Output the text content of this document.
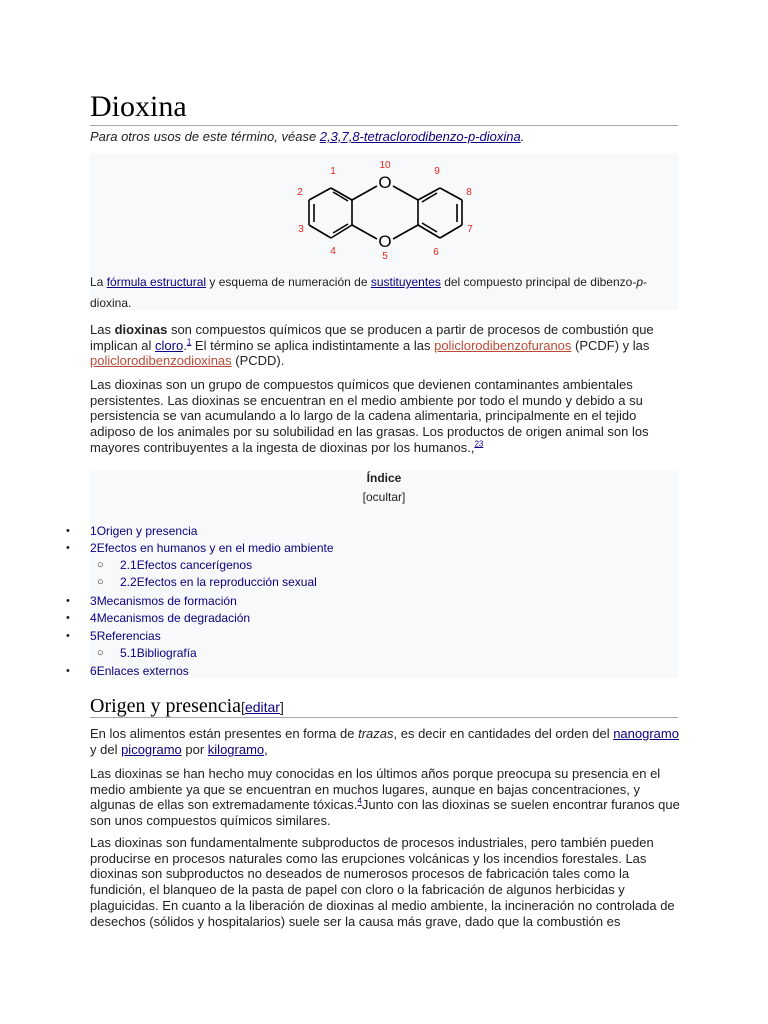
Dioxina
Para otros usos de este término, véase 2,3,7,8-tetraclorodibenzo-p-dioxina.
O
O
1
2
3
4	5	6
7
8
9
10
La fórmula estructural y esquema de numeración de sustituyentes del compuesto principal de dibenzo-p-dioxina.

Las dioxinas son compuestos químicos que se producen a partir de procesos de combustión que implican al cloro.$^1$ El término se aplica indistintamente a las policlorodibenzofuranos (PCDF) y las policlorodibenzodioxinas (PCDD).

Las dioxinas son un grupo de compuestos químicos que devienen contaminantes ambientales persistentes. Las dioxinas se encuentran en el medio ambiente por todo el mundo y debido a su persistencia se van acumulando a lo largo de la cadena alimentaria, principalmente en el tejido adiposo de los animales por su solubilidad en las grasas. Los productos de origen animal son los mayores contribuyentes a la ingesta de dioxinas por los humanos.,$^{23}$

Índice
[ocultar]
• 1Origen y presencia
• 2Efectos en humanos y en el medio ambiente
○ 2.1Efectos cancerígenos
○ 2.2Efectos en la reproducción sexual
• 3Mecanismos de formación
• 4Mecanismos de degradación
• 5Referencias
○ 5.1Bibliografía
• 6Enlaces externos
Origen y presencia[editar]

En los alimentos están presentes en forma de trazas, es decir en cantidades del orden del nanogramo y del picogramo por kilogramo,

Las dioxinas se han hecho muy conocidas en los últimos años porque preocupa su presencia en el medio ambiente ya que se encuentran en muchos lugares, aunque en bajas concentraciones, y algunas de ellas son extremadamente tóxicas.$^4$Junto con las dioxinas se suelen encontrar furanos que son unos compuestos químicos similares.

Las dioxinas son fundamentalmente subproductos de procesos industriales, pero también pueden producirse en procesos naturales como las erupciones volcánicas y los incendios forestales. Las dioxinas son subproductos no deseados de numerosos procesos de fabricación tales como la fundición, el blanqueo de la pasta de papel con cloro o la fabricación de algunos herbicidas y plaguicidas. En cuanto a la liberación de dioxinas al medio ambiente, la incineración no controlada de desechos (sólidos y hospitalarios) suele ser la causa más grave, dado que la combustión es
